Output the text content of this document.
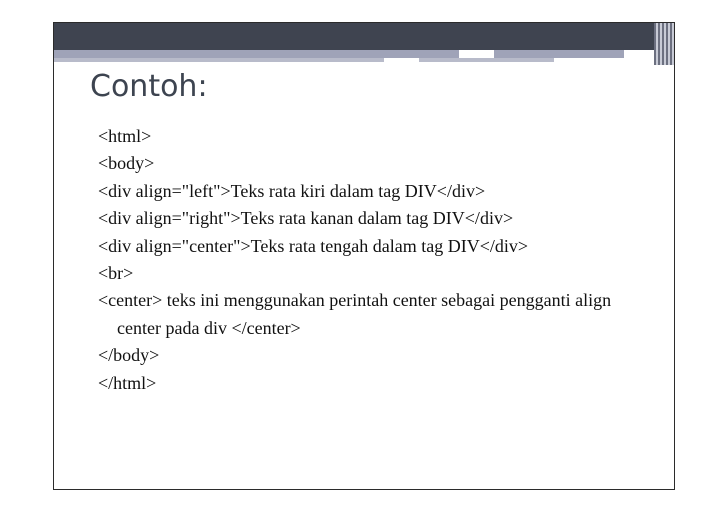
Contoh:
<html>
<body>
<div align="left">Teks rata kiri dalam tag DIV</div>
<div align="right">Teks rata kanan dalam tag DIV</div>
<div align="center">Teks rata tengah dalam tag DIV</div>
<br>
<center> teks ini menggunakan perintah center sebagai pengganti align center pada div </center>
</body>
</html>
